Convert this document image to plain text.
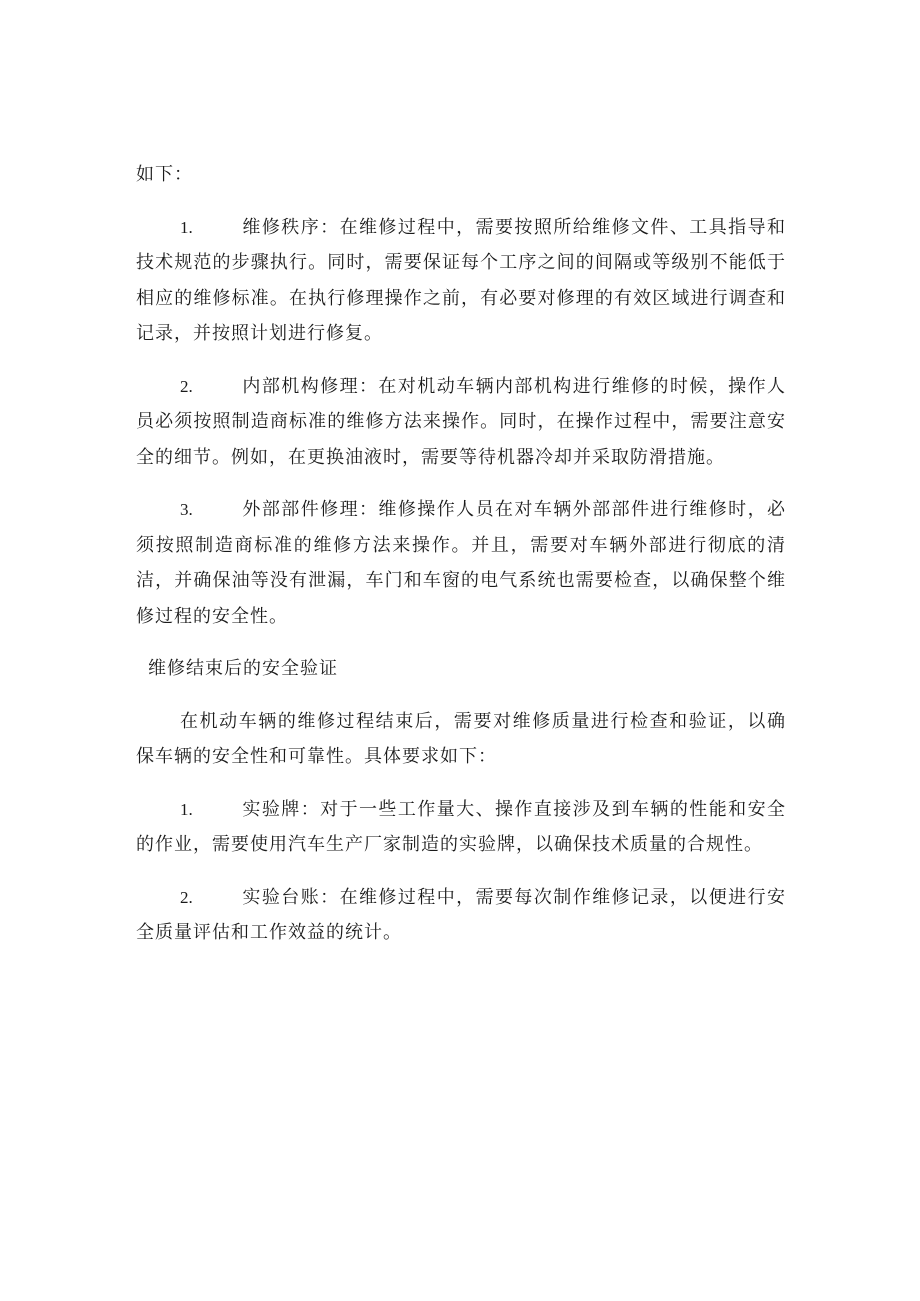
如下：

1.	维修秩序：在维修过程中，需要按照所给维修文件、工具指导和技术规范的步骤执行。同时，需要保证每个工序之间的间隔或等级别不能低于相应的维修标准。在执行修理操作之前，有必要对修理的有效区域进行调查和记录，并按照计划进行修复。

2.	内部机构修理：在对机动车辆内部机构进行维修的时候，操作人员必须按照制造商标准的维修方法来操作。同时，在操作过程中，需要注意安全的细节。例如，在更换油液时，需要等待机器冷却并采取防滑措施。

3.	外部部件修理：维修操作人员在对车辆外部部件进行维修时，必须按照制造商标准的维修方法来操作。并且，需要对车辆外部进行彻底的清洁，并确保油等没有泄漏，车门和车窗的电气系统也需要检查，以确保整个维修过程的安全性。

维修结束后的安全验证

在机动车辆的维修过程结束后，需要对维修质量进行检查和验证，以确保车辆的安全性和可靠性。具体要求如下：

1.	实验牌：对于一些工作量大、操作直接涉及到车辆的性能和安全的作业，需要使用汽车生产厂家制造的实验牌，以确保技术质量的合规性。

2.	实验台账：在维修过程中，需要每次制作维修记录，以便进行安全质量评估和工作效益的统计。
